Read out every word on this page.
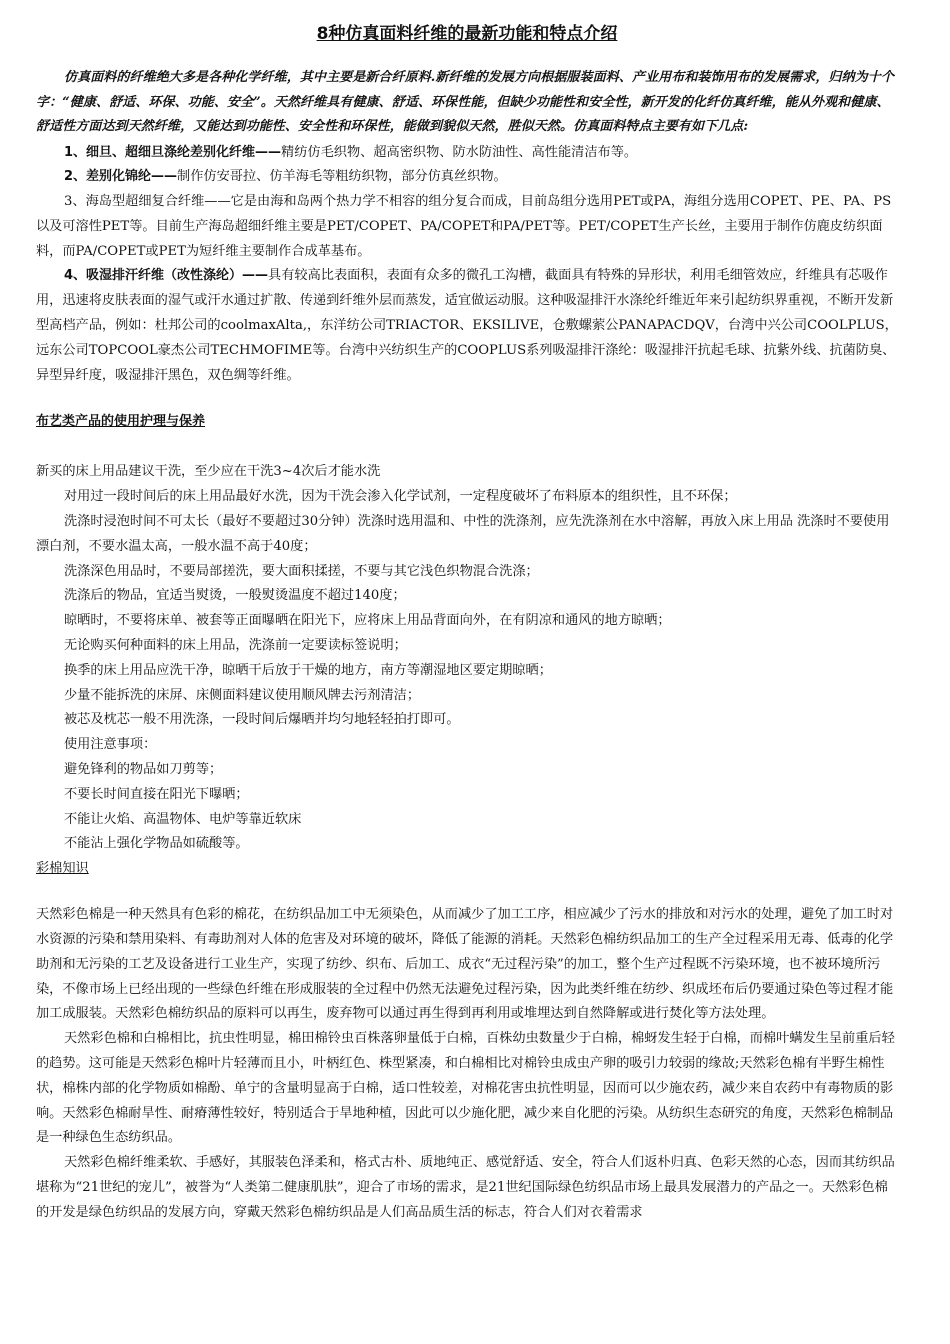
8种仿真面料纤维的最新功能和特点介绍

仿真面料的纤维绝大多是各种化学纤维，其中主要是新合纤原料.新纤维的发展方向根据服装面料、产业用布和装饰用布的发展需求，归纳为十个字：“健康、舒适、环保、功能、安全”。天然纤维具有健康、舒适、环保性能，但缺少功能性和安全性，新开发的化纤仿真纤维，能从外观和健康、舒适性方面达到天然纤维，又能达到功能性、安全性和环保性，能做到貌似天然，胜似天然。仿真面料特点主要有如下几点:

1、细旦、超细旦涤纶差别化纤维——精纺仿毛织物、超高密织物、防水防油性、高性能清洁布等。

2、差别化锦纶——制作仿安哥拉、仿羊海毛等粗纺织物，部分仿真丝织物。

3、海岛型超细复合纤维——它是由海和岛两个热力学不相容的组分复合而成，目前岛组分选用PET或PA，海组分选用COPET、PE、PA、PS以及可溶性PET等。目前生产海岛超细纤维主要是PET/COPET、PA/COPET和PA/PET等。PET/COPET生产长丝，主要用于制作仿鹿皮纺织面料，而PA/COPET或PET为短纤维主要制作合成革基布。

4、吸湿排汗纤维（改性涤纶）——具有较高比表面积，表面有众多的微孔工沟槽，截面具有特殊的异形状，利用毛细管效应，纤维具有芯吸作用，迅速将皮肤表面的湿气或汗水通过扩散、传递到纤维外层而蒸发，适宜做运动服。这种吸湿排汗水涤纶纤维近年来引起纺织界重视，不断开发新型高档产品，例如：杜邦公司的coolmaxAlta,，东洋纺公司TRIACTOR、EKSILIVE，仓敷螺萦公PANAPACDQV，台湾中兴公司COOLPLUS，远东公司TOPCOOL豪杰公司TECHMOFIME等。台湾中兴纺织生产的COOPLUS系列吸湿排汗涤纶：吸湿排汗抗起毛球、抗紫外线、抗菌防臭、异型异纤度，吸湿排汗黑色，双色绸等纤维。

布艺类产品的使用护理与保养

新买的床上用品建议干洗，至少应在干洗3~4次后才能水洗

对用过一段时间后的床上用品最好水洗，因为干洗会渗入化学试剂，一定程度破坏了布料原本的组织性，且不环保；

洗涤时浸泡时间不可太长（最好不要超过30分钟）洗涤时选用温和、中性的洗涤剂，应先洗涤剂在水中溶解，再放入床上用品 洗涤时不要使用漂白剂，不要水温太高，一般水温不高于40度；

洗涤深色用品时，不要局部搓洗，要大面积揉搓，不要与其它浅色织物混合洗涤；

洗涤后的物品，宜适当熨烫，一般熨烫温度不超过140度；

晾晒时，不要将床单、被套等正面曝晒在阳光下，应将床上用品背面向外，在有阴凉和通风的地方晾晒；

无论购买何种面料的床上用品，洗涤前一定要读标签说明；

换季的床上用品应洗干净，晾晒干后放于干燥的地方，南方等潮湿地区要定期晾晒；

少量不能拆洗的床屏、床侧面料建议使用顺风牌去污剂清洁；

被芯及枕芯一般不用洗涤，一段时间后爆晒并均匀地轻轻拍打即可。

使用注意事项：

避免锋利的物品如刀剪等；

不要长时间直接在阳光下曝晒；

不能让火焰、高温物体、电炉等靠近软床

不能沾上强化学物品如硫酸等。

彩棉知识

天然彩色棉是一种天然具有色彩的棉花，在纺织品加工中无须染色，从而减少了加工工序，相应减少了污水的排放和对污水的处理，避免了加工时对水资源的污染和禁用染料、有毒助剂对人体的危害及对环境的破坏，降低了能源的消耗。天然彩色棉纺织品加工的生产全过程采用无毒、低毒的化学助剂和无污染的工艺及设备进行工业生产，实现了纺纱、织布、后加工、成衣“无过程污染”的加工，整个生产过程既不污染环境，也不被环境所污染，不像市场上已经出现的一些绿色纤维在形成服装的全过程中仍然无法避免过程污染，因为此类纤维在纺纱、织成坯布后仍要通过染色等过程才能加工成服装。天然彩色棉纺织品的原料可以再生，废弃物可以通过再生得到再利用或堆埋达到自然降解或进行焚化等方法处理。

天然彩色棉和白棉相比，抗虫性明显，棉田棉铃虫百株落卵量低于白棉，百株幼虫数量少于白棉，棉蚜发生轻于白棉，而棉叶螨发生呈前重后轻的趋势。这可能是天然彩色棉叶片轻薄而且小，叶柄红色、株型紧凑，和白棉相比对棉铃虫成虫产卵的吸引力较弱的缘故;天然彩色棉有半野生棉性状，棉株内部的化学物质如棉酚、单宁的含量明显高于白棉，适口性较差，对棉花害虫抗性明显，因而可以少施农药，减少来自农药中有毒物质的影响。天然彩色棉耐旱性、耐瘠薄性较好，特别适合于旱地种植，因此可以少施化肥，减少来自化肥的污染。从纺织生态研究的角度，天然彩色棉制品是一种绿色生态纺织品。

天然彩色棉纤维柔软、手感好，其服装色泽柔和，格式古朴、质地纯正、感觉舒适、安全，符合人们返朴归真、色彩天然的心态，因而其纺织品堪称为“21世纪的宠儿”，被誉为“人类第二健康肌肤”，迎合了市场的需求，是21世纪国际绿色纺织品市场上最具发展潜力的产品之一。天然彩色棉的开发是绿色纺织品的发展方向，穿戴天然彩色棉纺织品是人们高品质生活的标志，符合人们对衣着需求
